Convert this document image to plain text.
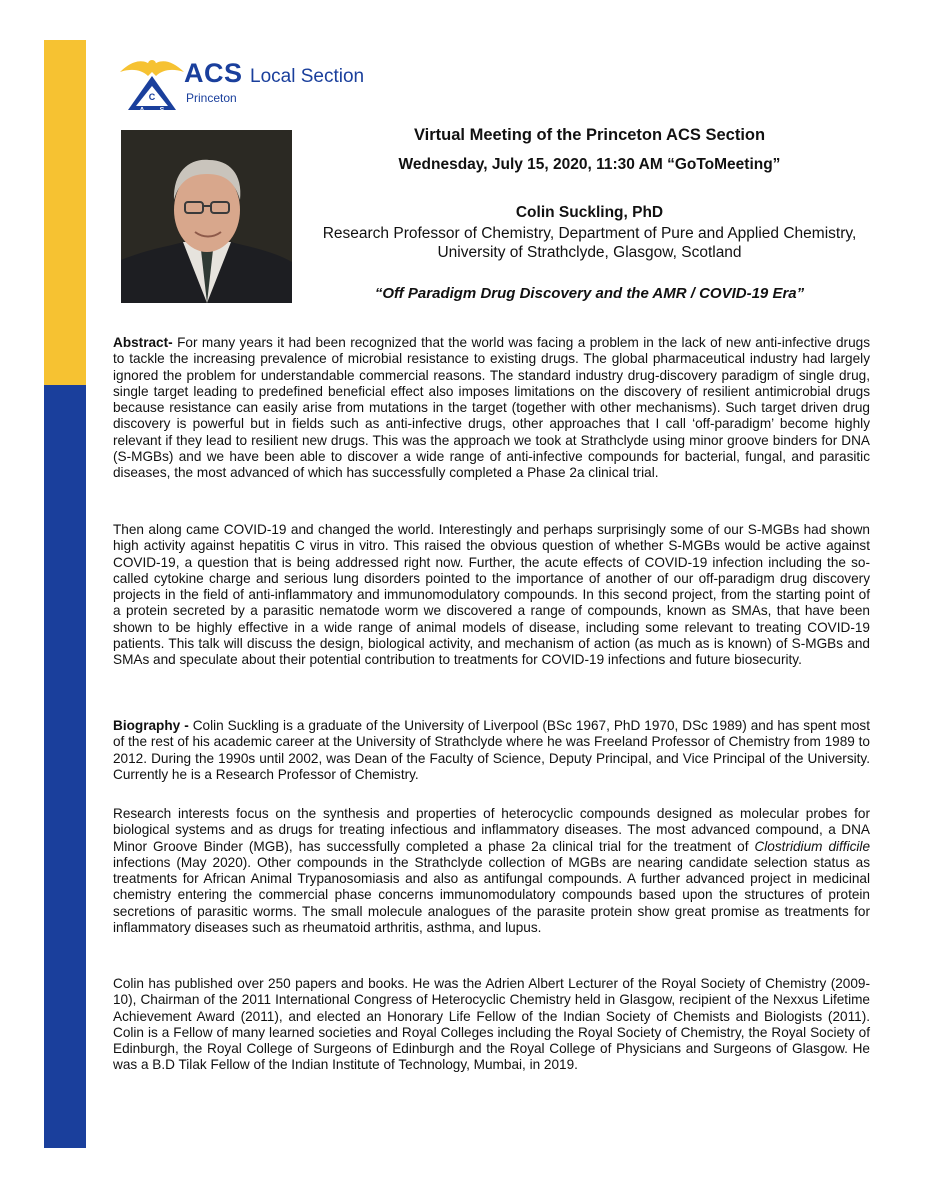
C
A S
ACS Local Section
Princeton
Virtual Meeting of the Princeton ACS Section
Wednesday, July 15, 2020, 11:30 AM “GoToMeeting”
Colin Suckling, PhD
Research Professor of Chemistry, Department of Pure and Applied Chemistry,
University of Strathclyde, Glasgow, Scotland
“Off Paradigm Drug Discovery and the AMR / COVID-19 Era”

Abstract- For many years it had been recognized that the world was facing a problem in the lack of new anti-infective drugs to tackle the increasing prevalence of microbial resistance to existing drugs. The global pharmaceutical industry had largely ignored the problem for understandable commercial reasons. The standard industry drug-discovery paradigm of single drug, single target leading to predefined beneficial effect also imposes limitations on the discovery of resilient antimicrobial drugs because resistance can easily arise from mutations in the target (together with other mechanisms). Such target driven drug discovery is powerful but in fields such as anti-infective drugs, other approaches that I call ‘off-paradigm’ become highly relevant if they lead to resilient new drugs. This was the approach we took at Strathclyde using minor groove binders for DNA (S-MGBs) and we have been able to discover a wide range of anti-infective compounds for bacterial, fungal, and parasitic diseases, the most advanced of which has successfully completed a Phase 2a clinical trial.

Then along came COVID-19 and changed the world. Interestingly and perhaps surprisingly some of our S-MGBs had shown high activity against hepatitis C virus in vitro. This raised the obvious question of whether S-MGBs would be active against COVID-19, a question that is being addressed right now. Further, the acute effects of COVID-19 infection including the so-called cytokine charge and serious lung disorders pointed to the importance of another of our off-paradigm drug discovery projects in the field of anti-inflammatory and immunomodulatory compounds. In this second project, from the starting point of a protein secreted by a parasitic nematode worm we discovered a range of compounds, known as SMAs, that have been shown to be highly effective in a wide range of animal models of disease, including some relevant to treating COVID-19 patients. This talk will discuss the design, biological activity, and mechanism of action (as much as is known) of S-MGBs and SMAs and speculate about their potential contribution to treatments for COVID-19 infections and future biosecurity.

Biography - Colin Suckling is a graduate of the University of Liverpool (BSc 1967, PhD 1970, DSc 1989) and has spent most of the rest of his academic career at the University of Strathclyde where he was Freeland Professor of Chemistry from 1989 to 2012. During the 1990s until 2002, was Dean of the Faculty of Science, Deputy Principal, and Vice Principal of the University. Currently he is a Research Professor of Chemistry.

Research interests focus on the synthesis and properties of heterocyclic compounds designed as molecular probes for biological systems and as drugs for treating infectious and inflammatory diseases. The most advanced compound, a DNA Minor Groove Binder (MGB), has successfully completed a phase 2a clinical trial for the treatment of Clostridium difficile infections (May 2020). Other compounds in the Strathclyde collection of MGBs are nearing candidate selection status as treatments for African Animal Trypanosomiasis and also as antifungal compounds. A further advanced project in medicinal chemistry entering the commercial phase concerns immunomodulatory compounds based upon the structures of protein secretions of parasitic worms. The small molecule analogues of the parasite protein show great promise as treatments for inflammatory diseases such as rheumatoid arthritis, asthma, and lupus.

Colin has published over 250 papers and books. He was the Adrien Albert Lecturer of the Royal Society of Chemistry (2009-10), Chairman of the 2011 International Congress of Heterocyclic Chemistry held in Glasgow, recipient of the Nexxus Lifetime Achievement Award (2011), and elected an Honorary Life Fellow of the Indian Society of Chemists and Biologists (2011). Colin is a Fellow of many learned societies and Royal Colleges including the Royal Society of Chemistry, the Royal Society of Edinburgh, the Royal College of Surgeons of Edinburgh and the Royal College of Physicians and Surgeons of Glasgow. He was a B.D Tilak Fellow of the Indian Institute of Technology, Mumbai, in 2019.
